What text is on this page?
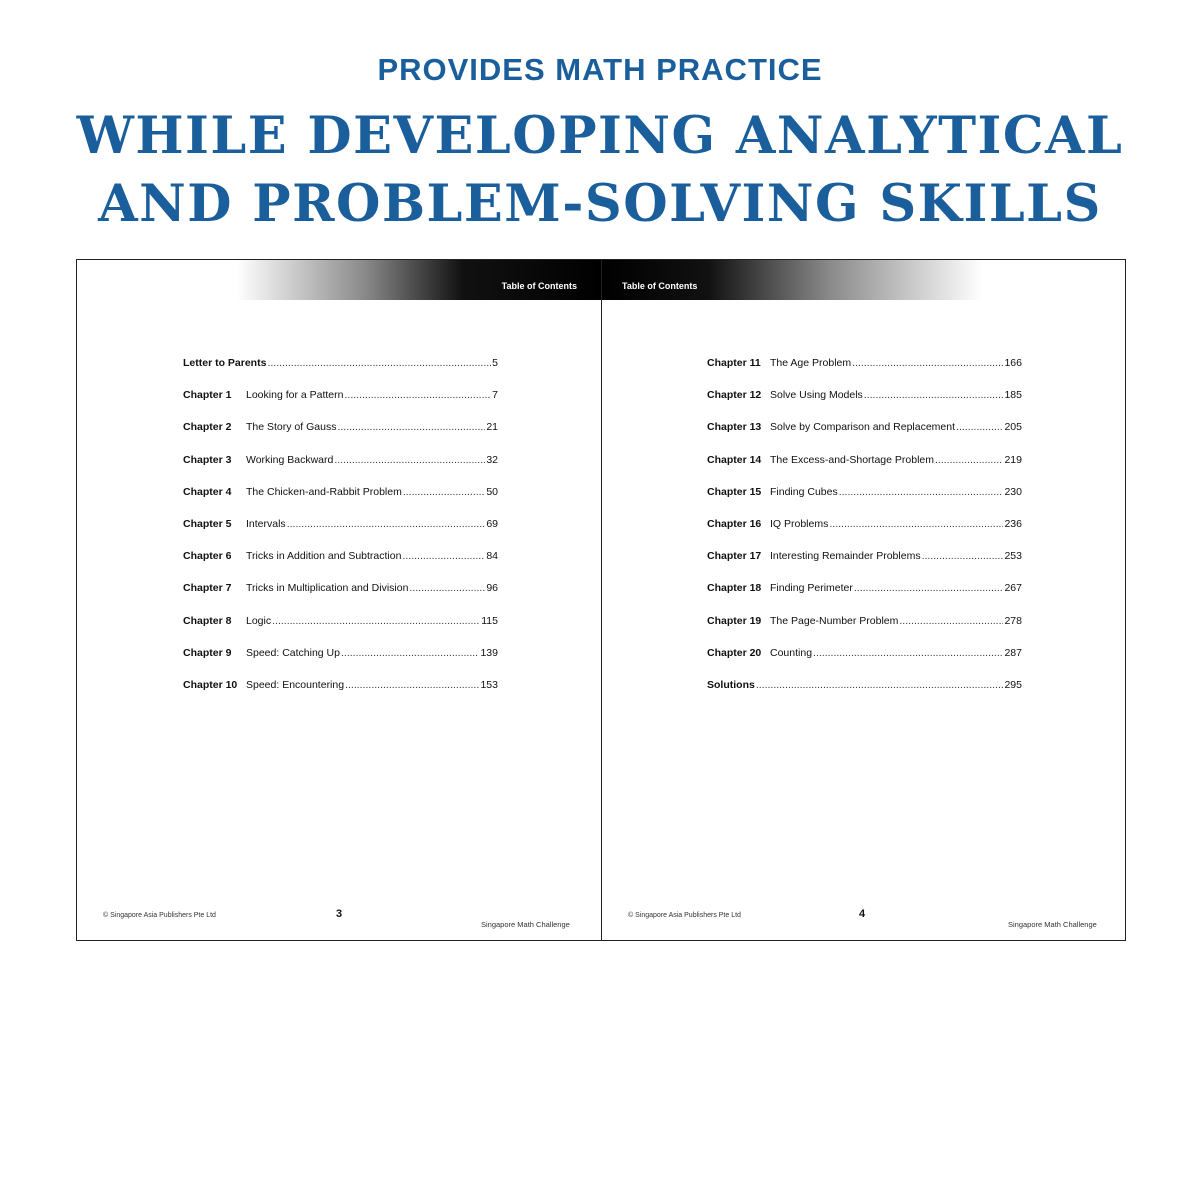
PROVIDES MATH PRACTICE
WHILE DEVELOPING ANALYTICAL
AND PROBLEM-SOLVING SKILLS
Table of Contents
Letter to Parents .....	5
Chapter 1	Looking for a Pattern .....	7
Chapter 2	The Story of Gauss .....	21
Chapter 3	Working Backward .....	32
Chapter 4	The Chicken-and-Rabbit Problem .....	50
Chapter 5	Intervals .....	69
Chapter 6	Tricks in Addition and Subtraction .....	84
Chapter 7	Tricks in Multiplication and Division .....	96
Chapter 8	Logic .....	115
Chapter 9	Speed: Catching Up .....	139
Chapter 10 Speed: Encountering .....	153
© Singapore Asia Publishers Pte Ltd	3
Singapore Math Challenge
Table of Contents
Chapter 11 The Age Problem .....	166
Chapter 12 Solve Using Models .....	185
Chapter 13 Solve by Comparison and Replacement .....	205
Chapter 14 The Excess-and-Shortage Problem .....	219
Chapter 15 Finding Cubes .....	230
Chapter 16 IQ Problems .....	236
Chapter 17 Interesting Remainder Problems .....	253
Chapter 18 Finding Perimeter .....	267
Chapter 19 The Page-Number Problem .....	278
Chapter 20 Counting .....	287
Solutions .....	295
© Singapore Asia Publishers Pte Ltd	4
Singapore Math Challenge
